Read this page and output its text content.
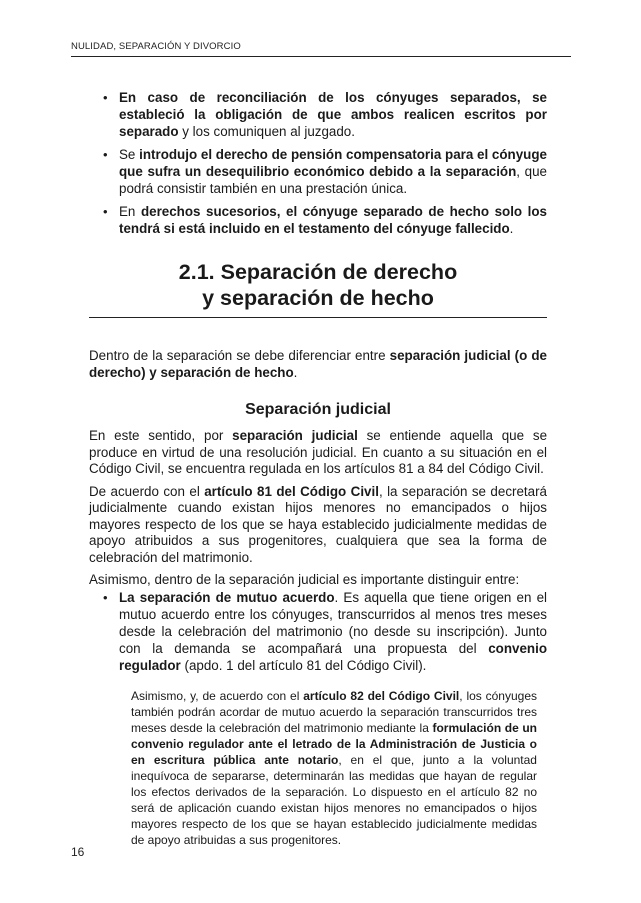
NULIDAD, SEPARACIÓN Y DIVORCIO
• En caso de reconciliación de los cónyuges separados, se estableció la obligación de que ambos realicen escritos por separado y los comuniquen al juzgado.
• Se introdujo el derecho de pensión compensatoria para el cónyuge que sufra un desequilibrio económico debido a la separación, que podrá consistir también en una prestación única.
• En derechos sucesorios, el cónyuge separado de hecho solo los tendrá si está incluido en el testamento del cónyuge fallecido.
2.1. Separación de derecho
y separación de hecho

Dentro de la separación se debe diferenciar entre separación judicial (o de derecho) y separación de hecho.

Separación judicial

En este sentido, por separación judicial se entiende aquella que se produce en virtud de una resolución judicial. En cuanto a su situación en el Código Civil, se encuentra regulada en los artículos 81 a 84 del Código Civil.

De acuerdo con el artículo 81 del Código Civil, la separación se decretará judicialmente cuando existan hijos menores no emancipados o hijos mayores respecto de los que se haya establecido judicialmente medidas de apoyo atribuidos a sus progenitores, cualquiera que sea la forma de celebración del matrimonio.

Asimismo, dentro de la separación judicial es importante distinguir entre:

• La separación de mutuo acuerdo. Es aquella que tiene origen en el mutuo acuerdo entre los cónyuges, transcurridos al menos tres meses desde la celebración del matrimonio (no desde su inscripción). Junto con la demanda se acompañará una propuesta del convenio regulador (apdo. 1 del artículo 81 del Código Civil).
Asimismo, y, de acuerdo con el artículo 82 del Código Civil, los cónyuges también podrán acordar de mutuo acuerdo la separación transcurridos tres meses desde la celebración del matrimonio mediante la formulación de un convenio regulador ante el letrado de la Administración de Justicia o en escritura pública ante notario, en el que, junto a la voluntad inequívoca de separarse, determinarán las medidas que hayan de regular los efectos derivados de la separación. Lo dispuesto en el artículo 82 no será de aplicación cuando existan hijos menores no emancipados o hijos mayores respecto de los que se hayan establecido judicialmente medidas de apoyo atribuidas a sus progenitores.
16
